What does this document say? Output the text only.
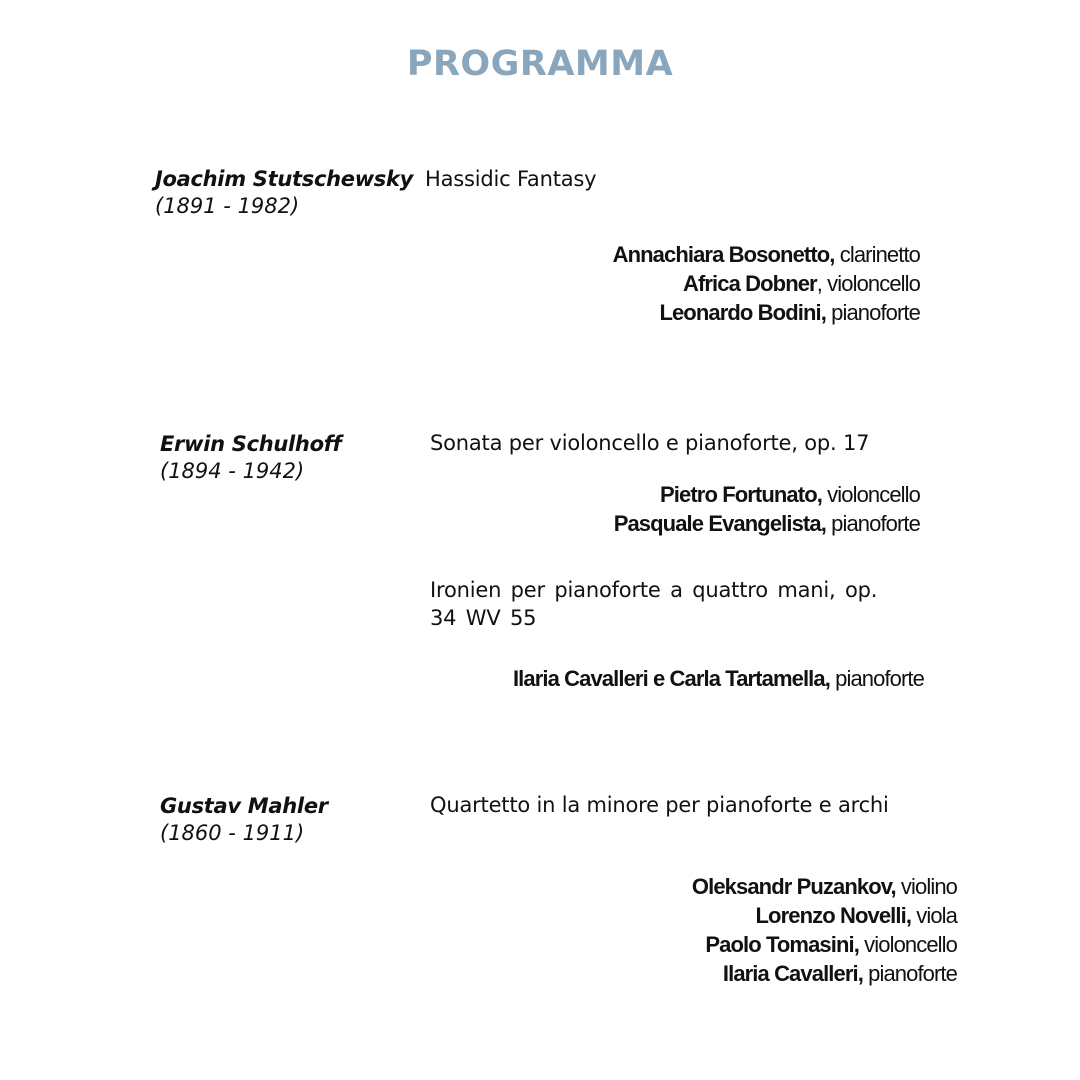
PROGRAMMA
Joachim Stutschewsky
(1891 - 1982)
Hassidic Fantasy
Annachiara Bosonetto, clarinetto
Africa Dobner, violoncello
Leonardo Bodini, pianoforte
Erwin Schulhoff
(1894 - 1942)
Sonata per violoncello e pianoforte, op. 17
Pietro Fortunato, violoncello
Pasquale Evangelista, pianoforte
Ironien per pianoforte a quattro mani, op. 34 WV 55
Ilaria Cavalleri e Carla Tartamella, pianoforte
Gustav Mahler
(1860 - 1911)
Quartetto in la minore per pianoforte e archi
Oleksandr Puzankov, violino
Lorenzo Novelli, viola
Paolo Tomasini, violoncello
Ilaria Cavalleri, pianoforte
